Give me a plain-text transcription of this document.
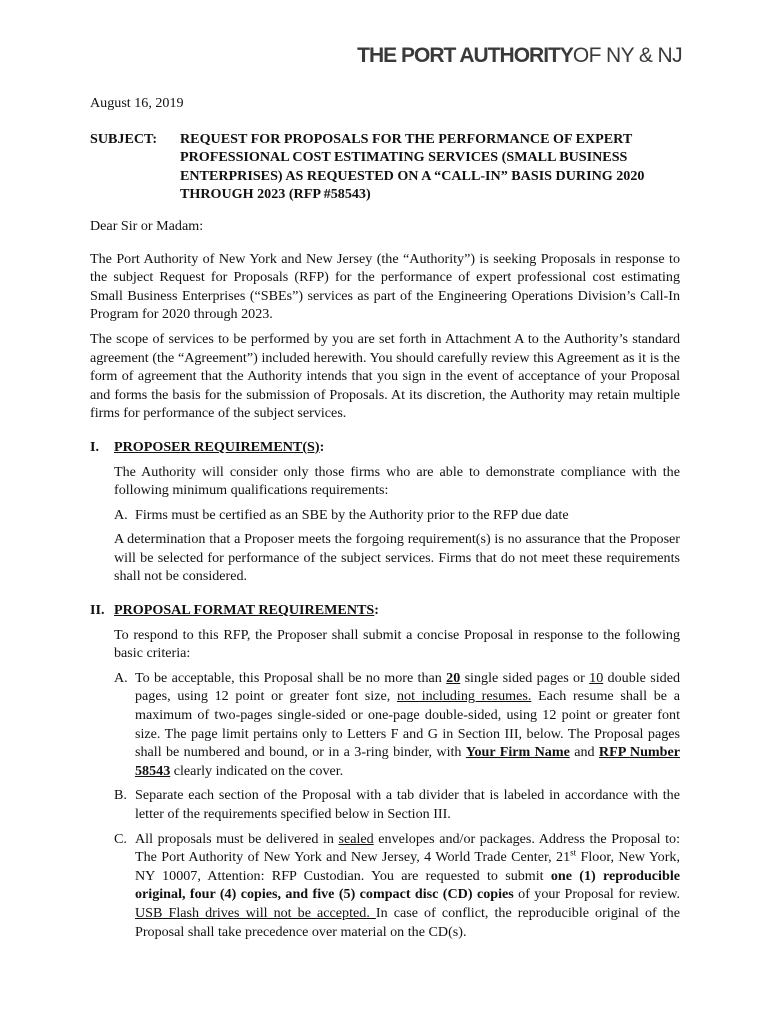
THE PORT AUTHORITYOF NY & NJ

August 16, 2019

SUBJECT:	REQUEST FOR PROPOSALS FOR THE PERFORMANCE OF EXPERT PROFESSIONAL COST ESTIMATING SERVICES (SMALL BUSINESS ENTERPRISES) AS REQUESTED ON A “CALL-IN” BASIS DURING 2020 THROUGH 2023 (RFP #58543)

Dear Sir or Madam:

The Port Authority of New York and New Jersey (the “Authority”) is seeking Proposals in response to the subject Request for Proposals (RFP) for the performance of expert professional cost estimating Small Business Enterprises (“SBEs”) services as part of the Engineering Operations Division’s Call-In Program for 2020 through 2023.

The scope of services to be performed by you are set forth in Attachment A to the Authority’s standard agreement (the “Agreement”) included herewith. You should carefully review this Agreement as it is the form of agreement that the Authority intends that you sign in the event of acceptance of your Proposal and forms the basis for the submission of Proposals. At its discretion, the Authority may retain multiple firms for performance of the subject services.

I.	PROPOSER REQUIREMENT(S):

The Authority will consider only those firms who are able to demonstrate compliance with the following minimum qualifications requirements:

A. Firms must be certified as an SBE by the Authority prior to the RFP due date

A determination that a Proposer meets the forgoing requirement(s) is no assurance that the Proposer will be selected for performance of the subject services. Firms that do not meet these requirements shall not be considered.

II. PROPOSAL FORMAT REQUIREMENTS:

To respond to this RFP, the Proposer shall submit a concise Proposal in response to the following basic criteria:

A. To be acceptable, this Proposal shall be no more than 20 single sided pages or 10 double sided pages, using 12 point or greater font size, not including resumes. Each resume shall be a maximum of two-pages single-sided or one-page double-sided, using 12 point or greater font size. The page limit pertains only to Letters F and G in Section III, below. The Proposal pages shall be numbered and bound, or in a 3-ring binder, with Your Firm Name and RFP Number 58543 clearly indicated on the cover.
B. Separate each section of the Proposal with a tab divider that is labeled in accordance with the letter of the requirements specified below in Section III.
C. All proposals must be delivered in sealed envelopes and/or packages. Address the Proposal to: The Port Authority of New York and New Jersey, 4 World Trade Center, 21st Floor, New York, NY 10007, Attention: RFP Custodian. You are requested to submit one (1) reproducible original, four (4) copies, and five (5) compact disc (CD) copies of your Proposal for review. USB Flash drives will not be accepted. In case of conflict, the reproducible original of the Proposal shall take precedence over material on the CD(s).
